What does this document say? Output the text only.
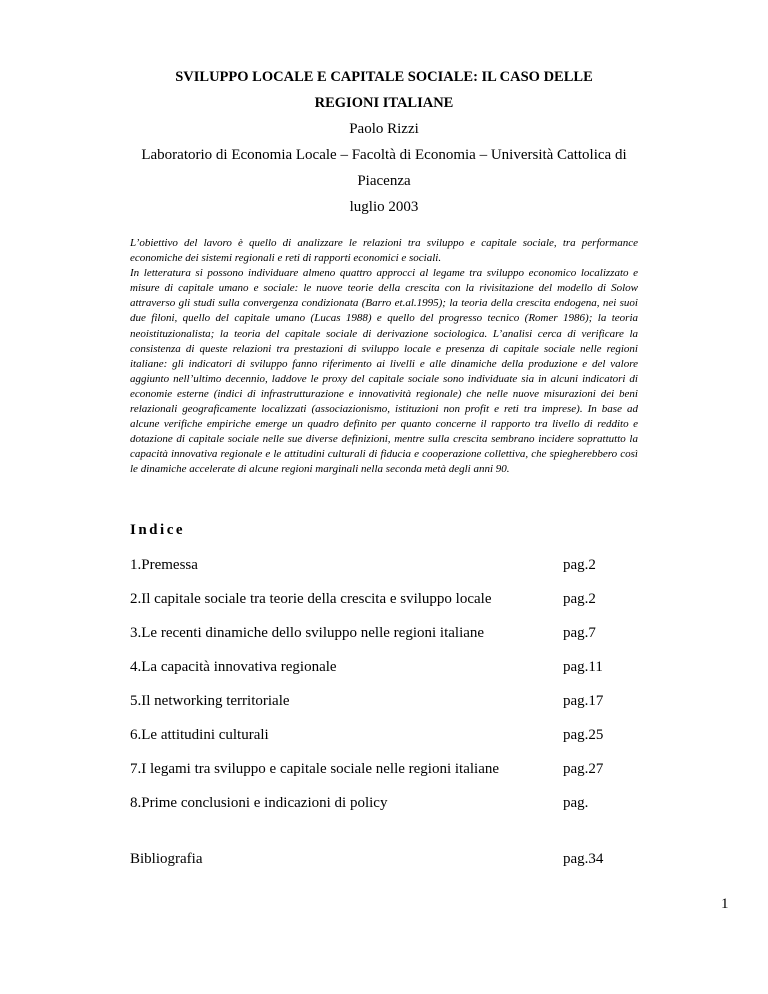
SVILUPPO LOCALE E CAPITALE SOCIALE: IL CASO DELLE
REGIONI ITALIANE
Paolo Rizzi
Laboratorio di Economia Locale – Facoltà di Economia – Università Cattolica di
Piacenza
luglio 2003

L’obiettivo del lavoro è quello di analizzare le relazioni tra sviluppo e capitale sociale, tra performance economiche dei sistemi regionali e reti di rapporti economici e sociali.

In letteratura si possono individuare almeno quattro approcci al legame tra sviluppo economico localizzato e misure di capitale umano e sociale: le nuove teorie della crescita con la rivisitazione del modello di Solow attraverso gli studi sulla convergenza condizionata (Barro et.al.1995); la teoria della crescita endogena, nei suoi due filoni, quello del capitale umano (Lucas 1988) e quello del progresso tecnico (Romer 1986); la teoria neoistituzionalista; la teoria del capitale sociale di derivazione sociologica. L’analisi cerca di verificare la consistenza di queste relazioni tra prestazioni di sviluppo locale e presenza di capitale sociale nelle regioni italiane: gli indicatori di sviluppo fanno riferimento ai livelli e alle dinamiche della produzione e del valore aggiunto nell’ultimo decennio, laddove le proxy del capitale sociale sono individuate sia in alcuni indicatori di economie esterne (indici di infrastrutturazione e innovatività regionale) che nelle nuove misurazioni dei beni relazionali geograficamente localizzati (associazionismo, istituzioni non profit e reti tra imprese). In base ad alcune verifiche empiriche emerge un quadro definito per quanto concerne il rapporto tra livello di reddito e dotazione di capitale sociale nelle sue diverse definizioni, mentre sulla crescita sembrano incidere soprattutto la capacità innovativa regionale e le attitudini culturali di fiducia e cooperazione collettiva, che spiegherebbero così le dinamiche accelerate di alcune regioni marginali nella seconda metà degli anni 90.

Indice
1.Premessa	pag.2
2.Il capitale sociale tra teorie della crescita e sviluppo locale	pag.2
3.Le recenti dinamiche dello sviluppo nelle regioni italiane	pag.7
4.La capacità innovativa regionale	pag.11
5.Il networking territoriale	pag.17
6.Le attitudini culturali	pag.25
7.I legami tra sviluppo e capitale sociale nelle regioni italiane	pag.27
8.Prime conclusioni e indicazioni di policy	pag.
Bibliografia	pag.34
1
